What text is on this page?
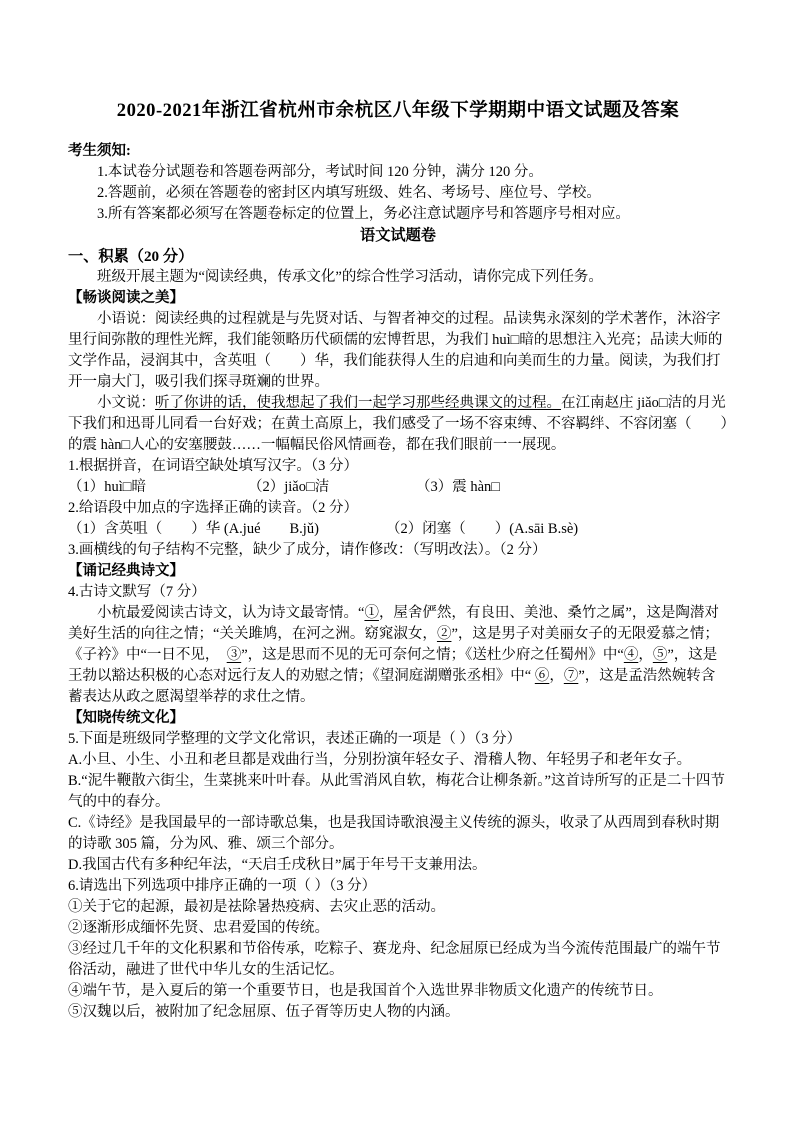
2020-2021年浙江省杭州市余杭区八年级下学期期中语文试题及答案
考生须知:
1.本试卷分试题卷和答题卷两部分，考试时间 120 分钟，满分 120 分。
2.答题前，必须在答题卷的密封区内填写班级、姓名、考场号、座位号、学校。
3.所有答案都必须写在答题卷标定的位置上，务必注意试题序号和答题序号相对应。
语文试题卷
一、积累（20 分）
班级开展主题为“阅读经典，传承文化”的综合性学习活动，请你完成下列任务。
【畅谈阅读之美】
小语说：阅读经典的过程就是与先贤对话、与智者神交的过程。品读隽永深刻的学术著作，沐浴字里行间弥散的理性光辉，我们能领略历代硕儒的宏博哲思，为我们 huì□暗的思想注入光亮；品读大师的文学作品，浸润其中，含英咀（　　）华，我们能获得人生的启迪和向美而生的力量。阅读，为我们打开一扇大门，吸引我们探寻斑斓的世界。
小文说：听了你讲的话，使我想起了我们一起学习那些经典课文的过程。在江南赵庄 jiǎo□洁的月光下我们和迅哥儿同看一台好戏；在黄土高原上，我们感受了一场不容束缚、不容羁绊、不容闭塞（　　）的震 hàn□人心的安塞腰鼓……一幅幅民俗风情画卷，都在我们眼前一一展现。
1.根据拼音，在词语空缺处填写汉字。（3 分）
（1）huì□暗	（2）jiǎo□洁	（3）震 hàn□
2.给语段中加点的字选择正确的读音。（2 分）
（1）含英咀（　　）华 (A.jué　　B.jǔ)	（2）闭塞（　　）(A.sāi B.sè)
3.画横线的句子结构不完整，缺少了成分，请作修改：（写明改法）。（2 分）
【诵记经典诗文】
4.古诗文默写（7 分）
小杭最爱阅读古诗文，认为诗文最寄情。“①，屋舍俨然，有良田、美池、桑竹之属”，这是陶潜对美好生活的向往之情；“关关雎鸠，在河之洲。窈窕淑女，②”，这是男子对美丽女子的无限爱慕之情；《子衿》中“一日不见，　③”，这是思而不见的无可奈何之情；《送杜少府之任蜀州》中“④，⑤”，这是王勃以豁达积极的心态对远行友人的劝慰之情；《望洞庭湖赠张丞相》中“ ⑥，⑦”，这是孟浩然婉转含蓄表达从政之愿渴望举荐的求仕之情。
【知晓传统文化】
5.下面是班级同学整理的文学文化常识，表述正确的一项是（ ）（3 分）
A.小旦、小生、小丑和老旦都是戏曲行当，分别扮演年轻女子、滑稽人物、年轻男子和老年女子。
B.“泥牛鞭散六街尘，生菜挑来叶叶春。从此雪消风自软，梅花合让柳条新。”这首诗所写的正是二十四节气的中的春分。
C.《诗经》是我国最早的一部诗歌总集，也是我国诗歌浪漫主义传统的源头，收录了从西周到春秋时期的诗歌 305 篇，分为风、雅、颂三个部分。
D.我国古代有多种纪年法，“天启壬戌秋日”属于年号干支兼用法。
6.请选出下列选项中排序正确的一项（ ）（3 分）
①关于它的起源，最初是祛除暑热疫病、去灾止恶的活动。
②逐渐形成缅怀先贤、忠君爱国的传统。
③经过几千年的文化积累和节俗传承，吃粽子、赛龙舟、纪念屈原已经成为当今流传范围最广的端午节俗活动，融进了世代中华儿女的生活记忆。
④端午节，是入夏后的第一个重要节日，也是我国首个入选世界非物质文化遗产的传统节日。
⑤汉魏以后，被附加了纪念屈原、伍子胥等历史人物的内涵。
